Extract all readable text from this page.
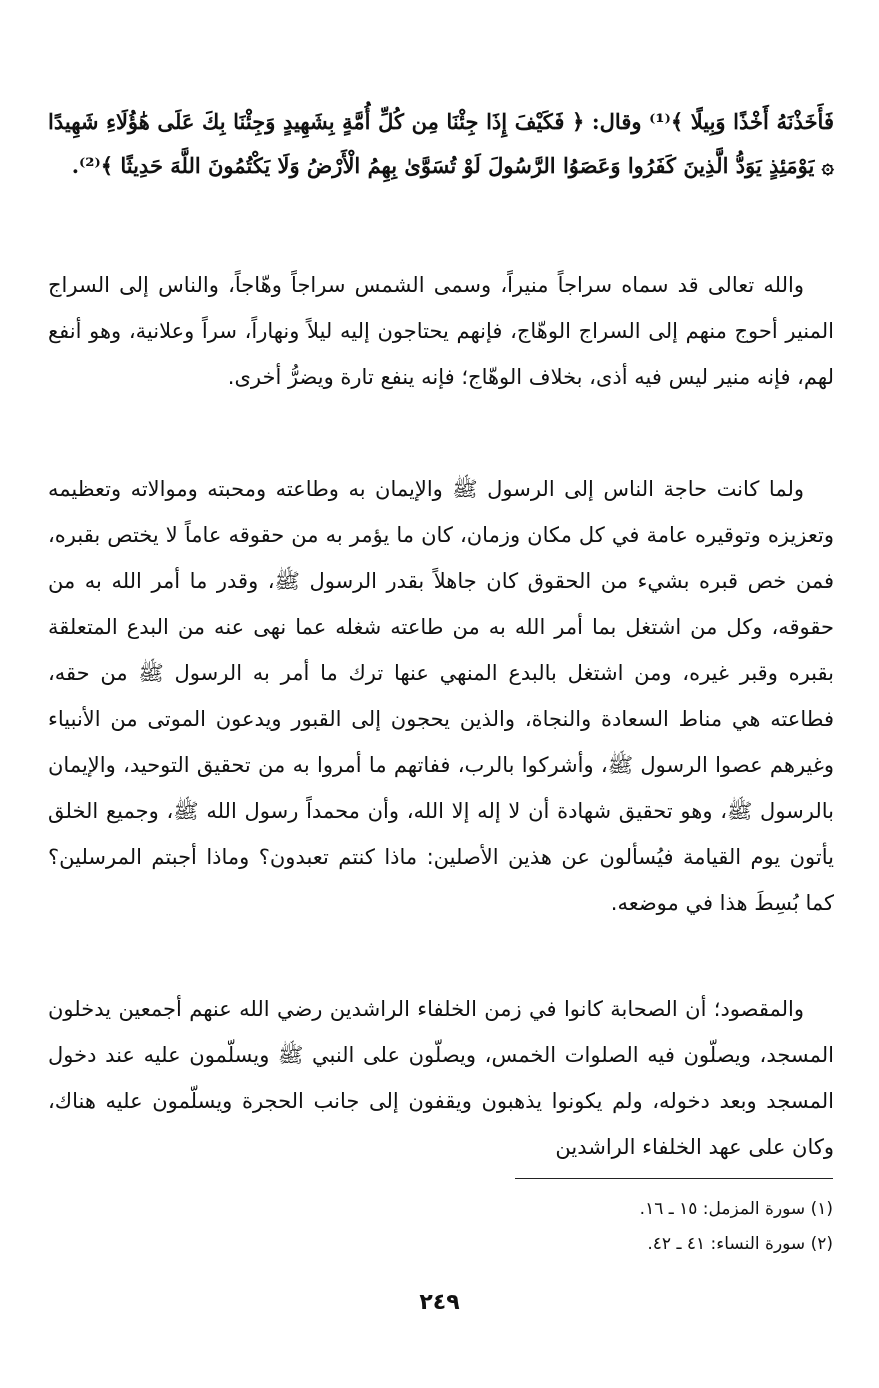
فَأَخَذْنَهُ أَخْذًا وَبِيلًا ﴾⁽¹⁾ وقال: ﴿ فَكَيْفَ إِذَا جِئْنَا مِن كُلِّ أُمَّةٍ بِشَهِيدٍ وَجِئْنَا بِكَ عَلَى هَٰؤُلَاءِ شَهِيدًا ۞ يَوْمَئِذٍ يَوَدُّ الَّذِينَ كَفَرُوا وَعَصَوُا الرَّسُولَ لَوْ تُسَوَّىٰ بِهِمُ الْأَرْضُ وَلَا يَكْتُمُونَ اللَّهَ حَدِيثًا ﴾⁽²⁾.

والله تعالى قد سماه سراجاً منيراً، وسمى الشمس سراجاً وهّاجاً، والناس إلى السراج المنير أحوج منهم إلى السراج الوهّاج، فإنهم يحتاجون إليه ليلاً ونهاراً، سراً وعلانية، وهو أنفع لهم، فإنه منير ليس فيه أذى، بخلاف الوهّاج؛ فإنه ينفع تارة ويضرُّ أخرى.

ولما كانت حاجة الناس إلى الرسول ﷺ والإيمان به وطاعته ومحبته وموالاته وتعظيمه وتعزيزه وتوقيره عامة في كل مكان وزمان، كان ما يؤمر به من حقوقه عاماً لا يختص بقبره، فمن خص قبره بشيء من الحقوق كان جاهلاً بقدر الرسول ﷺ، وقدر ما أمر الله به من حقوقه، وكل من اشتغل بما أمر الله به من طاعته شغله عما نهى عنه من البدع المتعلقة بقبره وقبر غيره، ومن اشتغل بالبدع المنهي عنها ترك ما أمر به الرسول ﷺ من حقه، فطاعته هي مناط السعادة والنجاة، والذين يحجون إلى القبور ويدعون الموتى من الأنبياء وغيرهم عصوا الرسول ﷺ، وأشركوا بالرب، ففاتهم ما أمروا به من تحقيق التوحيد، والإيمان بالرسول ﷺ، وهو تحقيق شهادة أن لا إله إلا الله، وأن محمداً رسول الله ﷺ، وجميع الخلق يأتون يوم القيامة فيُسألون عن هذين الأصلين: ماذا كنتم تعبدون؟ وماذا أجبتم المرسلين؟ كما بُسِطَ هذا في موضعه.

والمقصود؛ أن الصحابة كانوا في زمن الخلفاء الراشدين رضي الله عنهم أجمعين يدخلون المسجد، ويصلّون فيه الصلوات الخمس، ويصلّون على النبي ﷺ ويسلّمون عليه عند دخول المسجد وبعد دخوله، ولم يكونوا يذهبون ويقفون إلى جانب الحجرة ويسلّمون عليه هناك، وكان على عهد الخلفاء الراشدين

(١) سورة المزمل: ١٥ ـ ١٦.

(٢) سورة النساء: ٤١ ـ ٤٢.

٢٤٩
